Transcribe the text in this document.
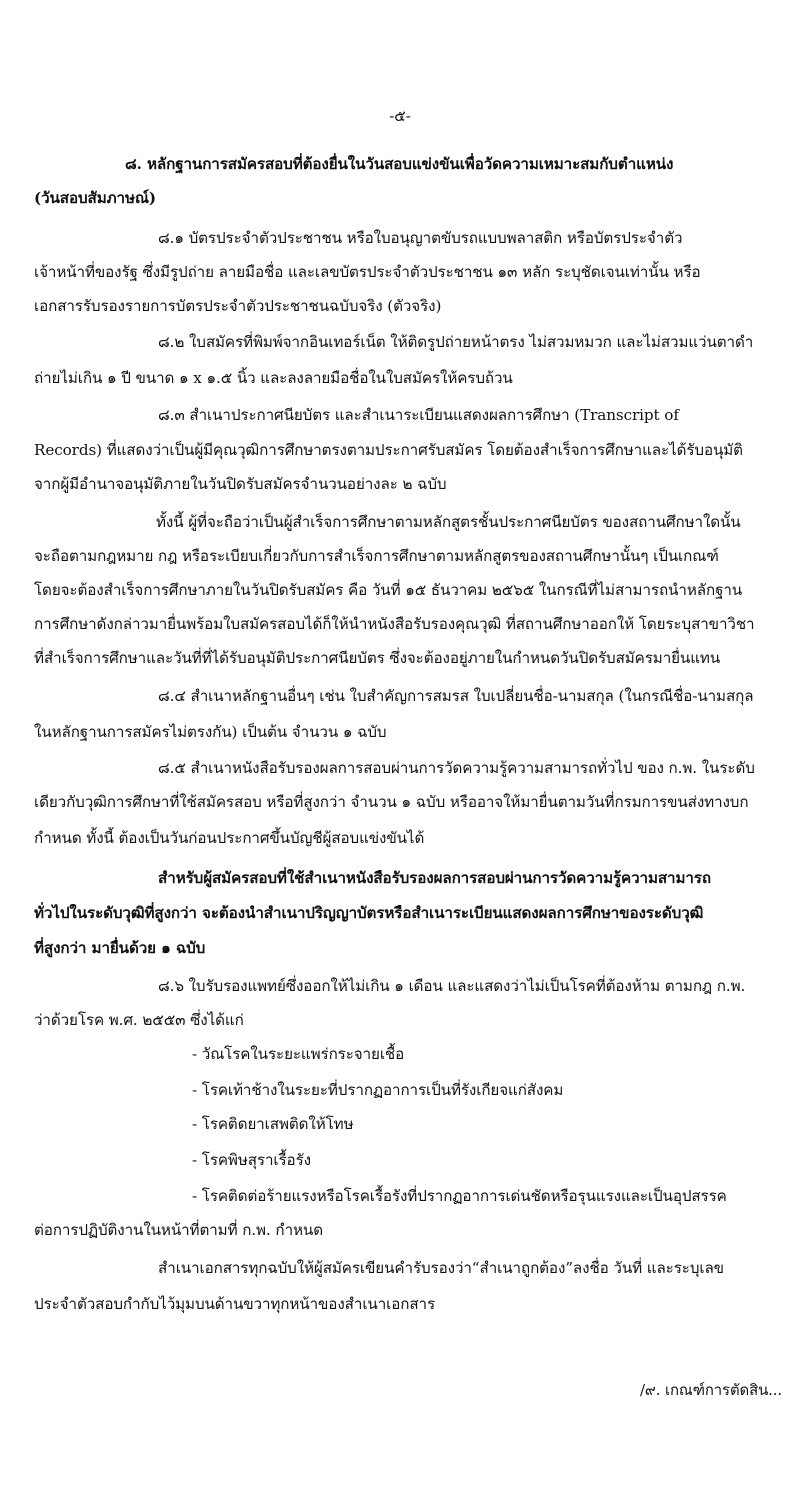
-๕-
๘. หลักฐานการสมัครสอบที่ต้องยื่นในวันสอบแข่งขันเพื่อวัดความเหมาะสมกับตำแหน่ง
(วันสอบสัมภาษณ์)
๘.๑ บัตรประจำตัวประชาชน หรือใบอนุญาตขับรถแบบพลาสติก หรือบัตรประจำตัว
เจ้าหน้าที่ของรัฐ ซึ่งมีรูปถ่าย ลายมือชื่อ และเลขบัตรประจำตัวประชาชน ๑๓ หลัก ระบุชัดเจนเท่านั้น หรือ
เอกสารรับรองรายการบัตรประจำตัวประชาชนฉบับจริง (ตัวจริง)
๘.๒ ใบสมัครที่พิมพ์จากอินเทอร์เน็ต ให้ติดรูปถ่ายหน้าตรง ไม่สวมหมวก และไม่สวมแว่นตาดำ
ถ่ายไม่เกิน ๑ ปี ขนาด ๑ x ๑.๕ นิ้ว และลงลายมือชื่อในใบสมัครให้ครบถ้วน
๘.๓ สำเนาประกาศนียบัตร และสำเนาระเบียนแสดงผลการศึกษา (Transcript of
Records) ที่แสดงว่าเป็นผู้มีคุณวุฒิการศึกษาตรงตามประกาศรับสมัคร โดยต้องสำเร็จการศึกษาและได้รับอนุมัติ
จากผู้มีอำนาจอนุมัติภายในวันปิดรับสมัครจำนวนอย่างละ ๒ ฉบับ
ทั้งนี้ ผู้ที่จะถือว่าเป็นผู้สำเร็จการศึกษาตามหลักสูตรชั้นประกาศนียบัตร ของสถานศึกษาใดนั้น
จะถือตามกฎหมาย กฎ หรือระเบียบเกี่ยวกับการสำเร็จการศึกษาตามหลักสูตรของสถานศึกษานั้นๆ เป็นเกณฑ์
โดยจะต้องสำเร็จการศึกษาภายในวันปิดรับสมัคร คือ วันที่ ๑๕ ธันวาคม ๒๕๖๕ ในกรณีที่ไม่สามารถนำหลักฐาน
การศึกษาดังกล่าวมายื่นพร้อมใบสมัครสอบได้ก็ให้นำหนังสือรับรองคุณวุฒิ ที่สถานศึกษาออกให้ โดยระบุสาขาวิชา
ที่สำเร็จการศึกษาและวันที่ที่ได้รับอนุมัติประกาศนียบัตร ซึ่งจะต้องอยู่ภายในกำหนดวันปิดรับสมัครมายื่นแทน
๘.๔ สำเนาหลักฐานอื่นๆ เช่น ใบสำคัญการสมรส ใบเปลี่ยนชื่อ-นามสกุล (ในกรณีชื่อ-นามสกุล
ในหลักฐานการสมัครไม่ตรงกัน) เป็นต้น จำนวน ๑ ฉบับ
๘.๕ สำเนาหนังสือรับรองผลการสอบผ่านการวัดความรู้ความสามารถทั่วไป ของ ก.พ. ในระดับ
เดียวกับวุฒิการศึกษาที่ใช้สมัครสอบ หรือที่สูงกว่า จำนวน ๑ ฉบับ หรืออาจให้มายื่นตามวันที่กรมการขนส่งทางบก
กำหนด ทั้งนี้ ต้องเป็นวันก่อนประกาศขึ้นบัญชีผู้สอบแข่งขันได้
สำหรับผู้สมัครสอบที่ใช้สำเนาหนังสือรับรองผลการสอบผ่านการวัดความรู้ความสามารถ
ทั่วไปในระดับวุฒิที่สูงกว่า จะต้องนำสำเนาปริญญาบัตรหรือสำเนาระเบียนแสดงผลการศึกษาของระดับวุฒิ
ที่สูงกว่า มายื่นด้วย ๑ ฉบับ
๘.๖ ใบรับรองแพทย์ซึ่งออกให้ไม่เกิน ๑ เดือน และแสดงว่าไม่เป็นโรคที่ต้องห้าม ตามกฎ ก.พ.
ว่าด้วยโรค พ.ศ. ๒๕๕๓ ซึ่งได้แก่
- วัณโรคในระยะแพร่กระจายเชื้อ
- โรคเท้าช้างในระยะที่ปรากฏอาการเป็นที่รังเกียจแก่สังคม
- โรคติดยาเสพติดให้โทษ
- โรคพิษสุราเรื้อรัง
- โรคติดต่อร้ายแรงหรือโรคเรื้อรังที่ปรากฏอาการเด่นชัดหรือรุนแรงและเป็นอุปสรรค
ต่อการปฏิบัติงานในหน้าที่ตามที่ ก.พ. กำหนด
สำเนาเอกสารทุกฉบับให้ผู้สมัครเขียนคำรับรองว่า“สำเนาถูกต้อง”ลงชื่อ วันที่ และระบุเลข
ประจำตัวสอบกำกับไว้มุมบนด้านขวาทุกหน้าของสำเนาเอกสาร
/๙. เกณฑ์การตัดสิน...
